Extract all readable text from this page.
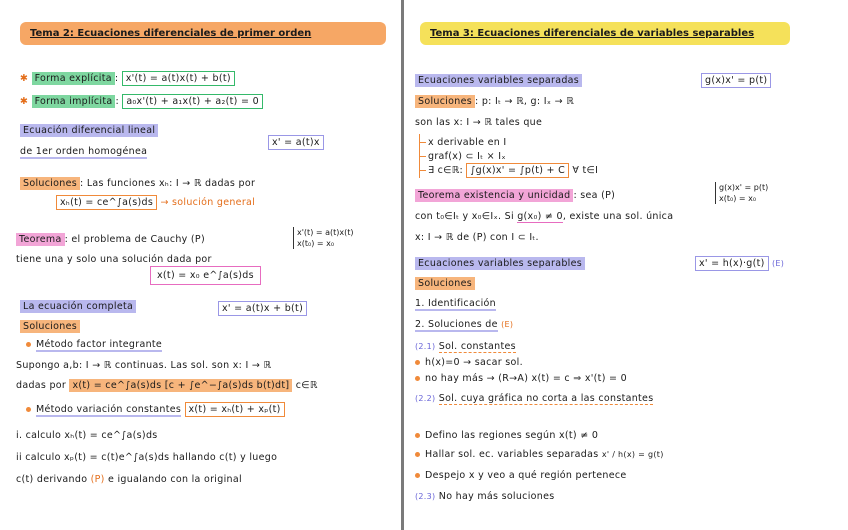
Tema 2: Ecuaciones diferenciales de primer orden
✱ Forma explícita : x'(t) = a(t)x(t) + b(t)
✱ Forma implícita : a₀x'(t) + a₁x(t) + a₂(t) = 0
Ecuación diferencial lineal
de 1er orden homogénea
x' = a(t)x
Soluciones : Las funciones xₕ: I → ℝ dadas por
xₕ(t) = ce^∫a(s)ds → solución general
Teorema : el problema de Cauchy (P)
x'(t) = a(t)x(t)
x(t₀) = x₀
tiene una y solo una solución dada por
x(t) = x₀ e^∫a(s)ds
La ecuación completa	x' = a(t)x + b(t)
Soluciones
Método factor integrante
Supongo a,b: I → ℝ continuas. Las sol. son x: I → ℝ
dadas por x(t) = ce^∫a(s)ds [c + ∫e^−∫a(s)ds b(t)dt] c∈ℝ
Método variación constantes x(t) = xₕ(t) + xₚ(t)
i. calculo xₕ(t) = ce^∫a(s)ds
ii calculo xₚ(t) = c(t)e^∫a(s)ds hallando c(t) y luego
c(t) derivando (P) e igualando con la original
Tema 3: Ecuaciones diferenciales de variables separables
Ecuaciones variables separadas	g(x)x' = p(t)
Soluciones : p: Iₜ → ℝ, g: Iₓ → ℝ
son las x: I → ℝ tales que
x derivable en I
graf(x) ⊂ Iₜ × Iₓ
∃ c∈ℝ: ∫g(x)x' = ∫p(t) + C ∀ t∈I
Teorema existencia y unicidad : sea (P)
g(x)x' = p(t)
x(t₀) = x₀
con t₀∈Iₜ y x₀∈Iₓ. Si g(x₀) ≠ 0, existe una sol. única
x: I → ℝ de (P) con I ⊂ Iₜ.
Ecuaciones variables separables	x' = h(x)·g(t) (E)
Soluciones
1. Identificación
2. Soluciones de (E)
(2.1) Sol. constantes
h(x)=0 → sacar sol.
no hay más → (R→A) x(t) = c ⇒ x'(t) = 0
(2.2) Sol. cuya gráfica no corta a las constantes
Defino las regiones según x(t) ≠ 0
Hallar sol. ec. variables separadas x' / h(x) = g(t)
Despejo x y veo a qué región pertenece
(2.3) No hay más soluciones
